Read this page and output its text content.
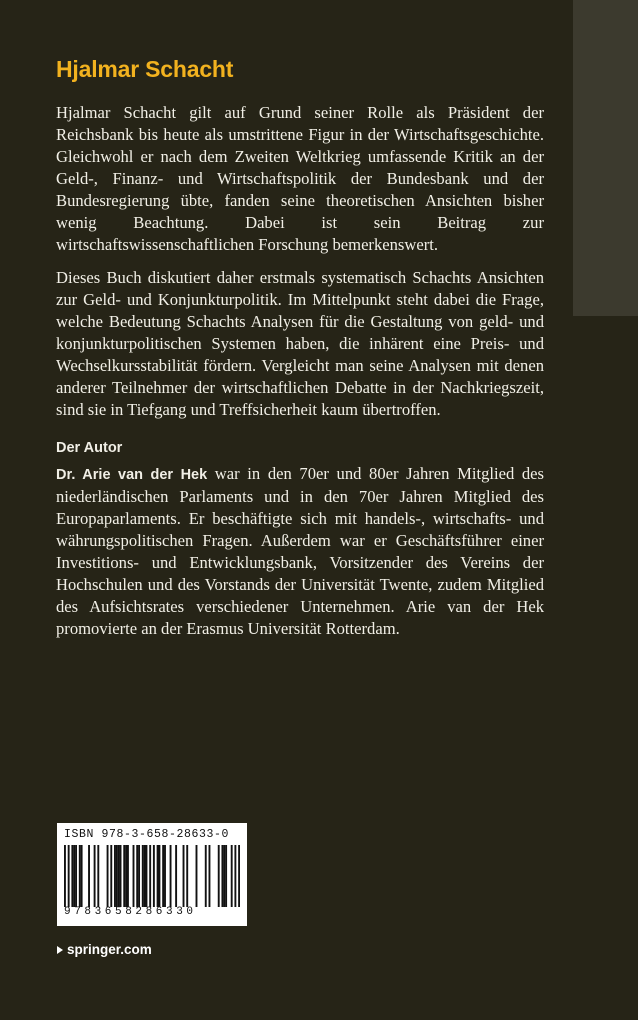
Hjalmar Schacht

Hjalmar Schacht gilt auf Grund seiner Rolle als Präsident der Reichsbank bis heute als umstrittene Figur in der Wirtschaftsgeschichte. Gleichwohl er nach dem Zweiten Weltkrieg umfassende Kritik an der Geld-, Finanz- und Wirtschaftspolitik der Bundesbank und der Bundesregierung übte, fanden seine theoretischen Ansichten bisher wenig Beachtung. Dabei ist sein Beitrag zur wirtschaftswissenschaftlichen Forschung bemerkenswert.

Dieses Buch diskutiert daher erstmals systematisch Schachts Ansichten zur Geld- und Konjunkturpolitik. Im Mittelpunkt steht dabei die Frage, welche Bedeutung Schachts Analysen für die Gestaltung von geld- und konjunkturpolitischen Systemen haben, die inhärent eine Preis- und Wechselkursstabilität fördern. Vergleicht man seine Analysen mit denen anderer Teilnehmer der wirtschaftlichen Debatte in der Nachkriegszeit, sind sie in Tiefgang und Treffsicherheit kaum übertroffen.

Der Autor

Dr. Arie van der Hek war in den 70er und 80er Jahren Mitglied des niederländischen Parlaments und in den 70er Jahren Mitglied des Europaparlaments. Er beschäftigte sich mit handels-, wirtschafts- und währungspolitischen Fragen. Außerdem war er Geschäftsführer einer Investitions- und Entwicklungsbank, Vorsitzender des Vereins der Hochschulen und des Vorstands der Universität Twente, zudem Mitglied des Aufsichtsrates verschiedener Unternehmen. Arie van der Hek promovierte an der Erasmus Universität Rotterdam.

ISBN 978-3-658-28633-0
9783658286330
springer.com
